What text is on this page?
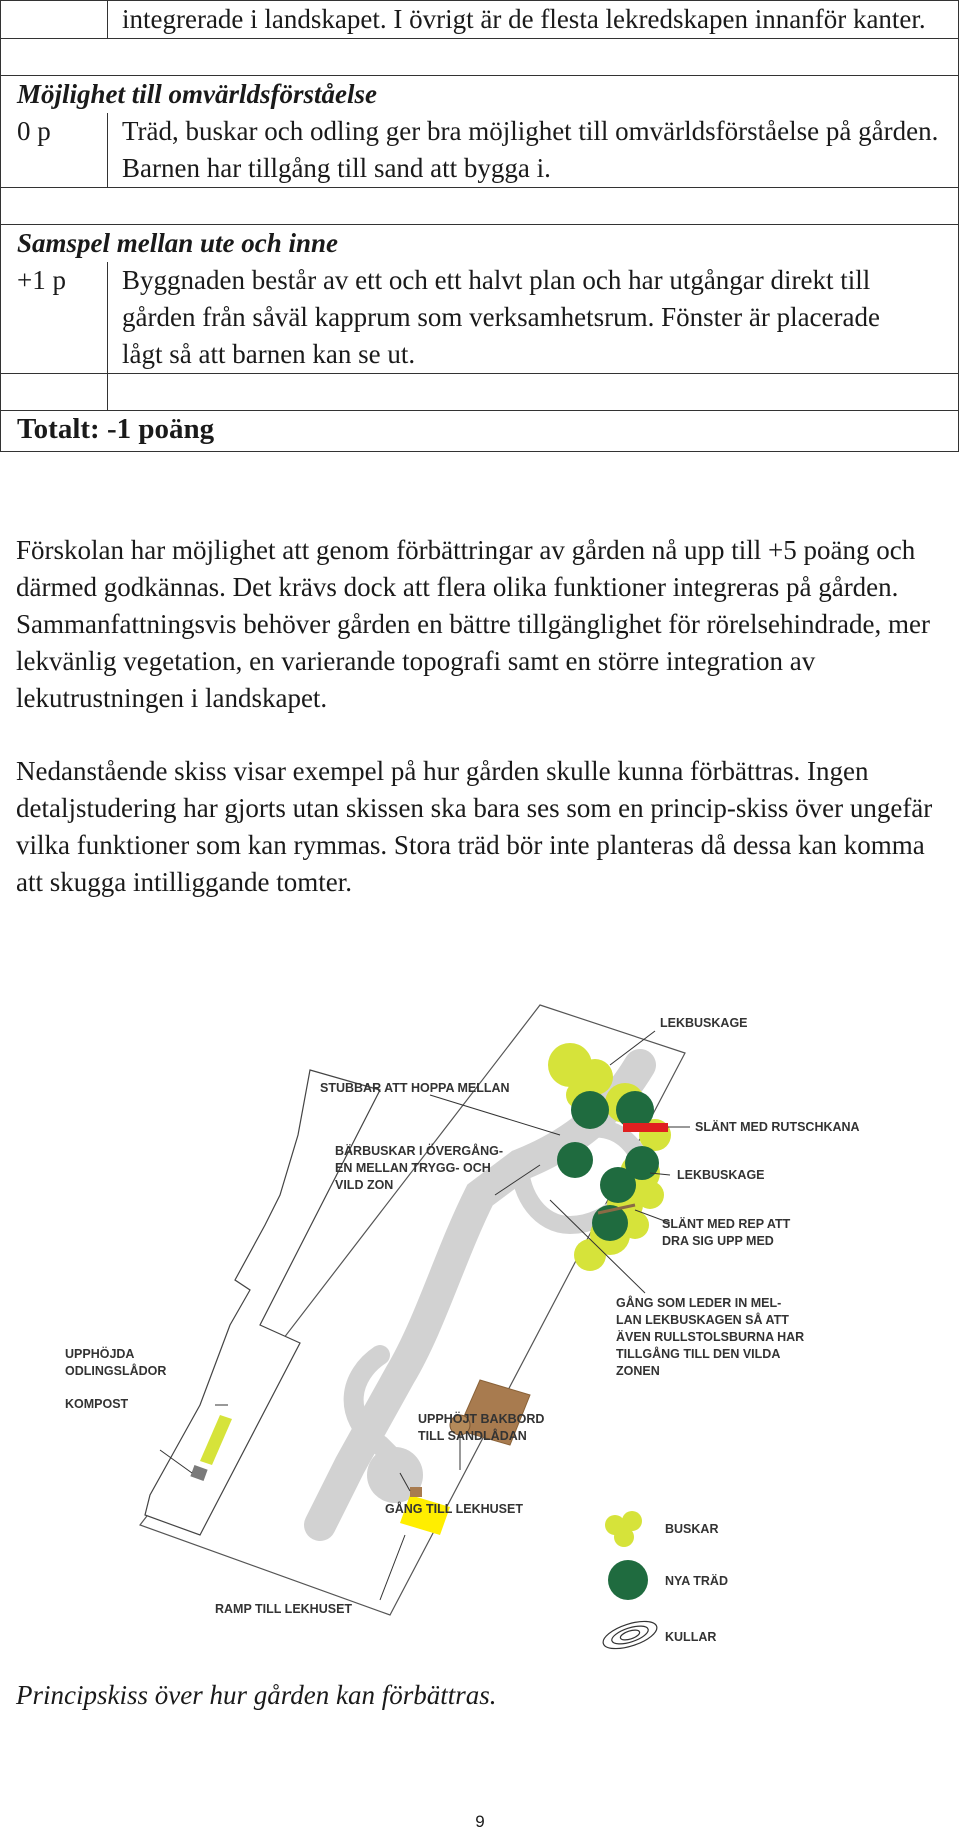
	integrerade i landskapet. I övrigt är de flesta lekredskapen innanför kanter.

Möjlighet till omvärldsförståelse	
0 p	Träd, buskar och odling ger bra möjlighet till omvärldsförståelse på gården. Barnen har tillgång till sand att bygga i.

Samspel mellan ute och inne	
+1 p	Byggnaden består av ett och ett halvt plan och har utgångar direkt till gården från såväl kapprum som verksamhetsrum. Fönster är placerade lågt så att barnen kan se ut.

Totalt: -1 poäng	

Förskolan har möjlighet att genom förbättringar av gården nå upp till +5 poäng och därmed godkännas. Det krävs dock att flera olika funktioner integreras på gården. Sammanfattningsvis behöver gården en bättre tillgänglighet för rörelsehindrade, mer lekvänlig vegetation, en varierande topografi samt en större integration av lekutrustningen i landskapet.

Nedanstående skiss visar exempel på hur gården skulle kunna förbättras. Ingen detaljstudering har gjorts utan skissen ska bara ses som en princip-skiss över ungefär vilka funktioner som kan rymmas. Stora träd bör inte planteras då dessa kan komma att skugga intilliggande tomter.

LEKBUSKAGE
STUBBAR ATT HOPPA MELLAN
SLÄNT MED RUTSCHKANA
BÄRBUSKAR I ÖVERGÅNG-
EN MELLAN TRYGG- OCH
VILD ZON
LEKBUSKAGE
SLÄNT MED REP ATT
DRA SIG UPP MED
GÅNG SOM LEDER IN MEL-
LAN LEKBUSKAGEN SÅ ATT
ÄVEN RULLSTOLSBURNA HAR
TILLGÅNG TILL DEN VILDA
ZONEN
UPPHÖJDA
ODLINGSLÅDOR
KOMPOST
UPPHÖJT BAKBORD
TILL SANDLÅDAN
GÅNG TILL LEKHUSET
RAMP TILL LEKHUSET
BUSKAR
NYA TRÄD
KULLAR

Principskiss över hur gården kan förbättras.

9
